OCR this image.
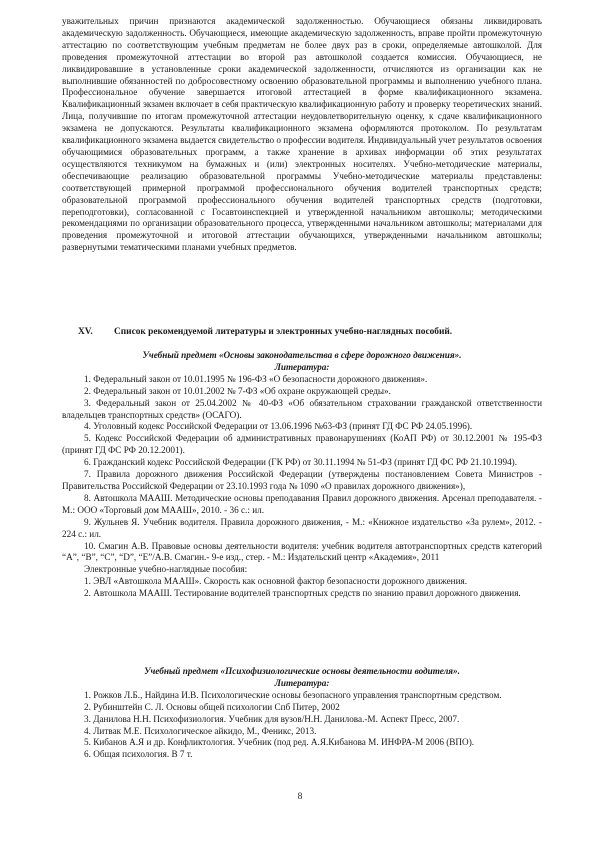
уважительных причин признаются академической задолженностью. Обучающиеся обязаны ликвидировать академическую задолженность. Обучающиеся, имеющие академическую задолженность, вправе пройти промежуточную аттестацию по соответствующим учебным предметам не более двух раз в сроки, определяемые автошколой. Для проведения промежуточной аттестации во второй раз автошколой создается комиссия. Обучающиеся, не ликвидировавшие в установленные сроки академической задолженности, отчисляются из организации как не выполнившие обязанностей по добросовестному освоению образовательной программы и выполнению учебного плана. Профессиональное обучение завершается итоговой аттестацией в форме квалификационного экзамена. Квалификационный экзамен включает в себя практическую квалификационную работу и проверку теоретических знаний. Лица, получившие по итогам промежуточной аттестации неудовлетворительную оценку, к сдаче квалификационного экзамена не допускаются. Результаты квалификационного экзамена оформляются протоколом. По результатам квалификационного экзамена выдается свидетельство о профессии водителя. Индивидуальный учет результатов освоения обучающимися образовательных программ, а также хранение в архивах информации об этих результатах осуществляются техникумом на бумажных и (или) электронных носителях. Учебно-методические материалы, обеспечивающие реализацию образовательной программы Учебно-методические материалы представлены: соответствующей примерной программой профессионального обучения водителей транспортных средств; образовательной программой профессионального обучения водителей транспортных средств (подготовки, переподготовки), согласованной с Госавтоинспекцией и утвержденной начальником автошколы; методическими рекомендациями по организации образовательного процесса, утвержденными начальником автошколы; материалами для проведения промежуточной и итоговой аттестации обучающихся, утвержденными начальником автошколы; развернутыми тематическими планами учебных предметов.

XV. Список рекомендуемой литературы и электронных учебно-наглядных пособий.

Учебный предмет «Основы законодательства в сфере дорожного движения».

Литература:

1. Федеральный закон от 10.01.1995 № 196-ФЗ «О безопасности дорожного движения».

2. Федеральный закон от 10.01.2002 № 7-ФЗ «Об охране окружающей среды».

3. Федеральный закон от 25.04.2002 № 40-ФЗ «Об обязательном страховании гражданской ответственности владельцев транспортных средств» (ОСАГО).

4. Уголовный кодекс Российской Федерации от 13.06.1996 №63-ФЗ (принят ГД ФС РФ 24.05.1996).

5. Кодекс Российской Федерации об административных правонарушениях (КоАП РФ) от 30.12.2001 № 195-ФЗ (принят ГД ФС РФ 20.12.2001).

6. Гражданский кодекс Российской Федерации (ГК РФ) от 30.11.1994 № 51-ФЗ (принят ГД ФС РФ 21.10.1994).

7. Правила дорожного движения Российской Федерации (утверждены постановлением Совета Министров - Правительства Российской Федерации от 23.10.1993 года № 1090 «О правилах дорожного движения»),

8. Автошкола МААШ. Методические основы преподавания Правил дорожного движения. Арсенал преподавателя. - М.: ООО «Торговый дом МААШ», 2010. - 36 с.: ил.

9. Жульнев Я. Учебник водителя. Правила дорожного движения, - М.: «Книжное издательство «За рулем», 2012. - 224 с.: ил.

10. Смагин А.В. Правовые основы деятельности водителя: учебник водителя автотранспортных средств категорий “А”, “В”, “С”, “D”, “Е”/А.В. Смагин.- 9-е изд., стер. - М.: Издательский центр «Академия», 2011

Электронные учебно-наглядные пособия:

1. ЭВЛ «Автошкола МААШ». Скорость как основной фактор безопасности дорожного движения.

2. Автошкола МААШ. Тестирование водителей транспортных средств по знанию правил дорожного движения.

Учебный предмет «Психофизиологические основы деятельности водителя».

Литература:

1. Рожков Л.Б., Найдина И.В. Психологические основы безопасного управления транспортным средством.

2. Рубинштейн С. Л. Основы общей психологии Спб Питер, 2002

3. Данилова Н.Н. Психофизиология. Учебник для вузов/Н.Н. Данилова.-М. Аспект Пресс, 2007.

4. Литвак М.Е. Психологическое айкидо, М., Феникс, 2013.

5. Кибанов А.Я и др. Конфликтология. Учебник (под ред. А.Я.Кибанова М. ИНФРА-М 2006 (ВПО).

6. Общая психология. В 7 т.

8
